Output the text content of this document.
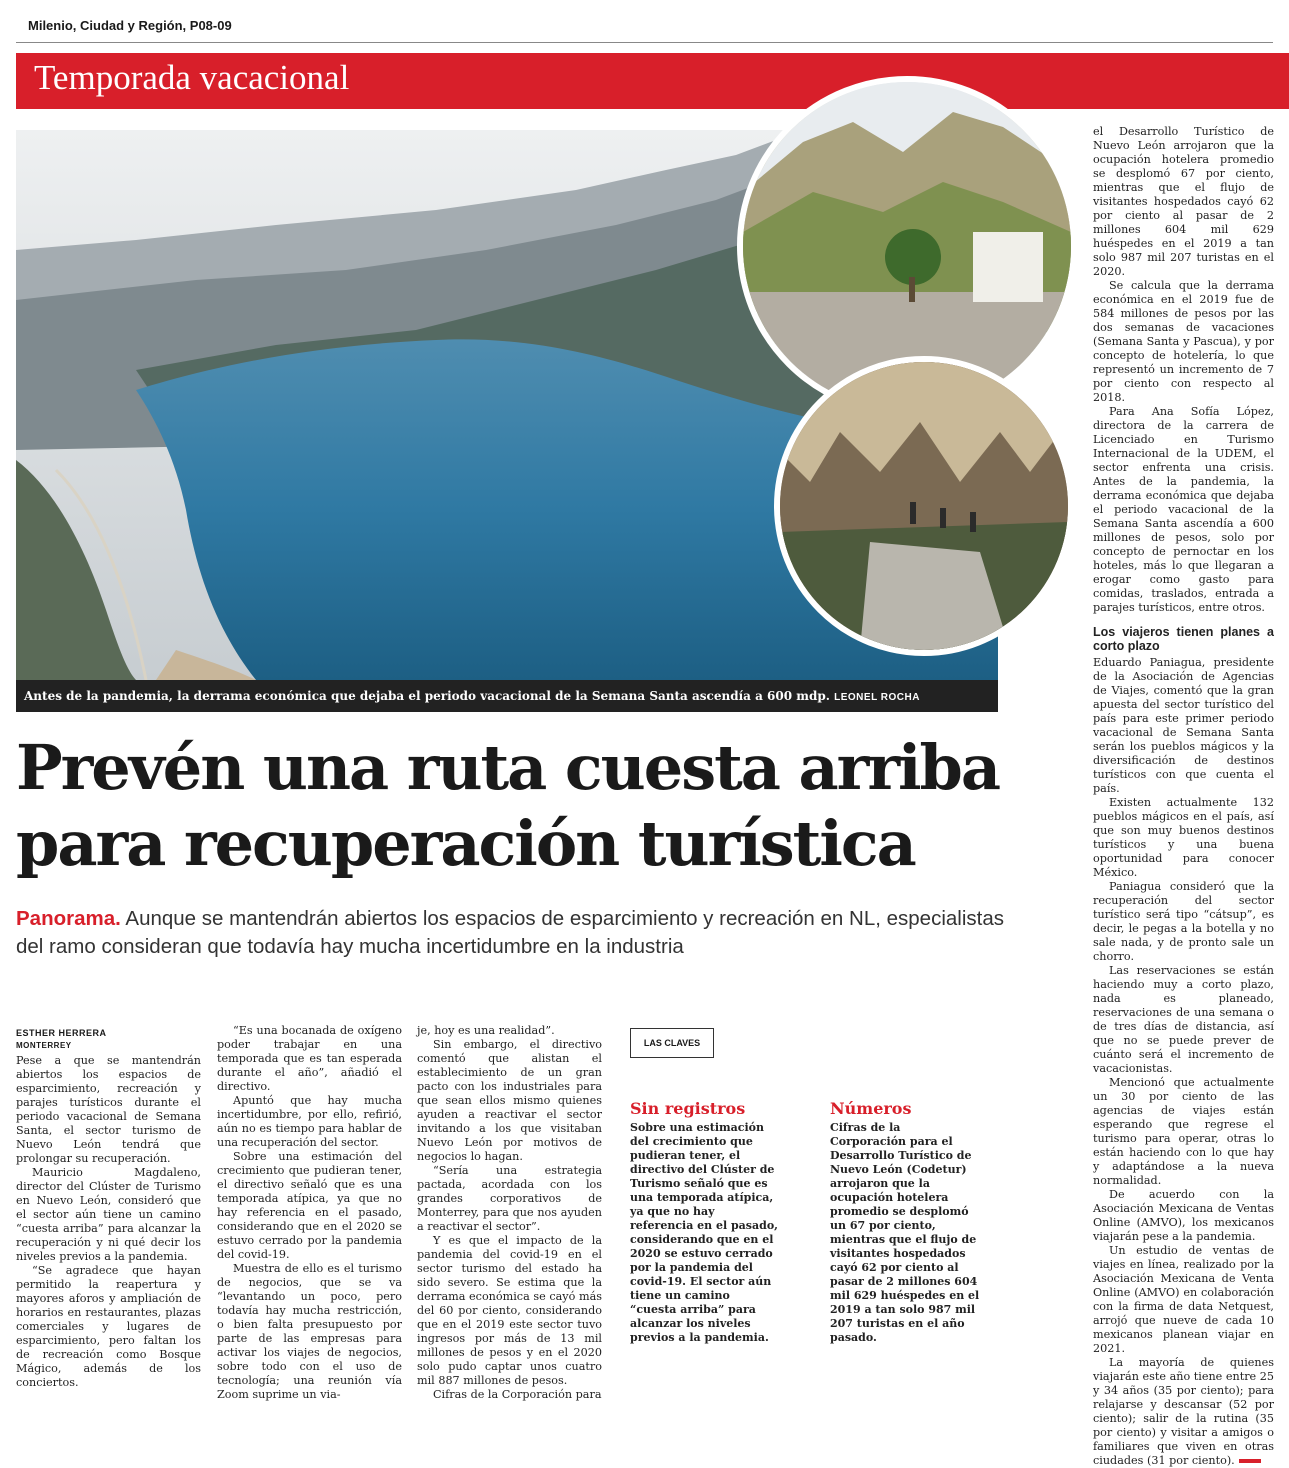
Milenio, Ciudad y Región, P08-09
Temporada vacacional
Antes de la pandemia, la derrama económica que dejaba el periodo vacacional de la Semana Santa ascendía a 600 mdp. LEONEL ROCHA
Prevén una ruta cuesta arriba para recuperación turística
Panorama. Aunque se mantendrán abiertos los espacios de esparcimiento y recreación en NL, especialistas del ramo consideran que todavía hay mucha incertidumbre en la industria
ESTHER HERRERA
MONTERREY

Pese a que se mantendrán abiertos los espacios de esparcimiento, recreación y parajes turísticos durante el periodo vacacional de Semana Santa, el sector turismo de Nuevo León tendrá que prolongar su recuperación.

Mauricio Magdaleno, director del Clúster de Turismo en Nuevo León, consideró que el sector aún tiene un camino “cuesta arriba” para alcanzar la recuperación y ni qué decir los niveles previos a la pandemia.

“Se agradece que hayan permitido la reapertura y mayores aforos y ampliación de horarios en restaurantes, plazas comerciales y lugares de esparcimiento, pero faltan los de recreación como Bosque Mágico, además de los conciertos.

“Es una bocanada de oxígeno poder trabajar en una temporada que es tan esperada durante el año”, añadió el directivo.

Apuntó que hay mucha incertidumbre, por ello, refirió, aún no es tiempo para hablar de una recuperación del sector.

Sobre una estimación del crecimiento que pudieran tener, el directivo señaló que es una temporada atípica, ya que no hay referencia en el pasado, considerando que en el 2020 se estuvo cerrado por la pandemia del covid-19.

Muestra de ello es el turismo de negocios, que se va “levantando un poco, pero todavía hay mucha restricción, o bien falta presupuesto por parte de las empresas para activar los viajes de negocios, sobre todo con el uso de tecnología; una reunión vía Zoom suprime un via-

je, hoy es una realidad”.

Sin embargo, el directivo comentó que alistan el establecimiento de un gran pacto con los industriales para que sean ellos mismo quienes ayuden a reactivar el sector invitando a los que visitaban Nuevo León por motivos de negocios lo hagan.

“Sería una estrategia pactada, acordada con los grandes corporativos de Monterrey, para que nos ayuden a reactivar el sector”.

Y es que el impacto de la pandemia del covid-19 en el sector turismo del estado ha sido severo. Se estima que la derrama económica se cayó más del 60 por ciento, considerando que en el 2019 este sector tuvo ingresos por más de 13 mil millones de pesos y en el 2020 solo pudo captar unos cuatro mil 887 millones de pesos.

Cifras de la Corporación para

LAS CLAVES
Sin registros

Sobre una estimación del crecimiento que pudieran tener, el directivo del Clúster de Turismo señaló que es una temporada atípica, ya que no hay referencia en el pasado, considerando que en el 2020 se estuvo cerrado por la pandemia del covid-19. El sector aún tiene un camino “cuesta arriba” para alcanzar los niveles previos a la pandemia.

Números

Cifras de la Corporación para el Desarrollo Turístico de Nuevo León (Codetur) arrojaron que la ocupación hotelera promedio se desplomó un 67 por ciento, mientras que el flujo de visitantes hospedados cayó 62 por ciento al pasar de 2 millones 604 mil 629 huéspedes en el 2019 a tan solo 987 mil 207 turistas en el año pasado.

el Desarrollo Turístico de Nuevo León arrojaron que la ocupación hotelera promedio se desplomó 67 por ciento, mientras que el flujo de visitantes hospedados cayó 62 por ciento al pasar de 2 millones 604 mil 629 huéspedes en el 2019 a tan solo 987 mil 207 turistas en el 2020.

Se calcula que la derrama económica en el 2019 fue de 584 millones de pesos por las dos semanas de vacaciones (Semana Santa y Pascua), y por concepto de hotelería, lo que representó un incremento de 7 por ciento con respecto al 2018.

Para Ana Sofía López, directora de la carrera de Licenciado en Turismo Internacional de la UDEM, el sector enfrenta una crisis. Antes de la pandemia, la derrama económica que dejaba el periodo vacacional de la Semana Santa ascendía a 600 millones de pesos, solo por concepto de pernoctar en los hoteles, más lo que llegaran a erogar como gasto para comidas, traslados, entrada a parajes turísticos, entre otros.

Los viajeros tienen planes a corto plazo

Eduardo Paniagua, presidente de la Asociación de Agencias de Viajes, comentó que la gran apuesta del sector turístico del país para este primer periodo vacacional de Semana Santa serán los pueblos mágicos y la diversificación de destinos turísticos con que cuenta el país.

Existen actualmente 132 pueblos mágicos en el país, así que son muy buenos destinos turísticos y una buena oportunidad para conocer México.

Paniagua consideró que la recuperación del sector turístico será tipo “cátsup”, es decir, le pegas a la botella y no sale nada, y de pronto sale un chorro.

Las reservaciones se están haciendo muy a corto plazo, nada es planeado, reservaciones de una semana o de tres días de distancia, así que no se puede prever de cuánto será el incremento de vacacionistas.

Mencionó que actualmente un 30 por ciento de las agencias de viajes están esperando que regrese el turismo para operar, otras lo están haciendo con lo que hay y adaptándose a la nueva normalidad.

De acuerdo con la Asociación Mexicana de Ventas Online (AMVO), los mexicanos viajarán pese a la pandemia.

Un estudio de ventas de viajes en línea, realizado por la Asociación Mexicana de Venta Online (AMVO) en colaboración con la firma de data Netquest, arrojó que nueve de cada 10 mexicanos planean viajar en 2021.

La mayoría de quienes viajarán este año tiene entre 25 y 34 años (35 por ciento); para relajarse y descansar (52 por ciento); salir de la rutina (35 por ciento) y visitar a amigos o familiares que viven en otras ciudades (31 por ciento).
